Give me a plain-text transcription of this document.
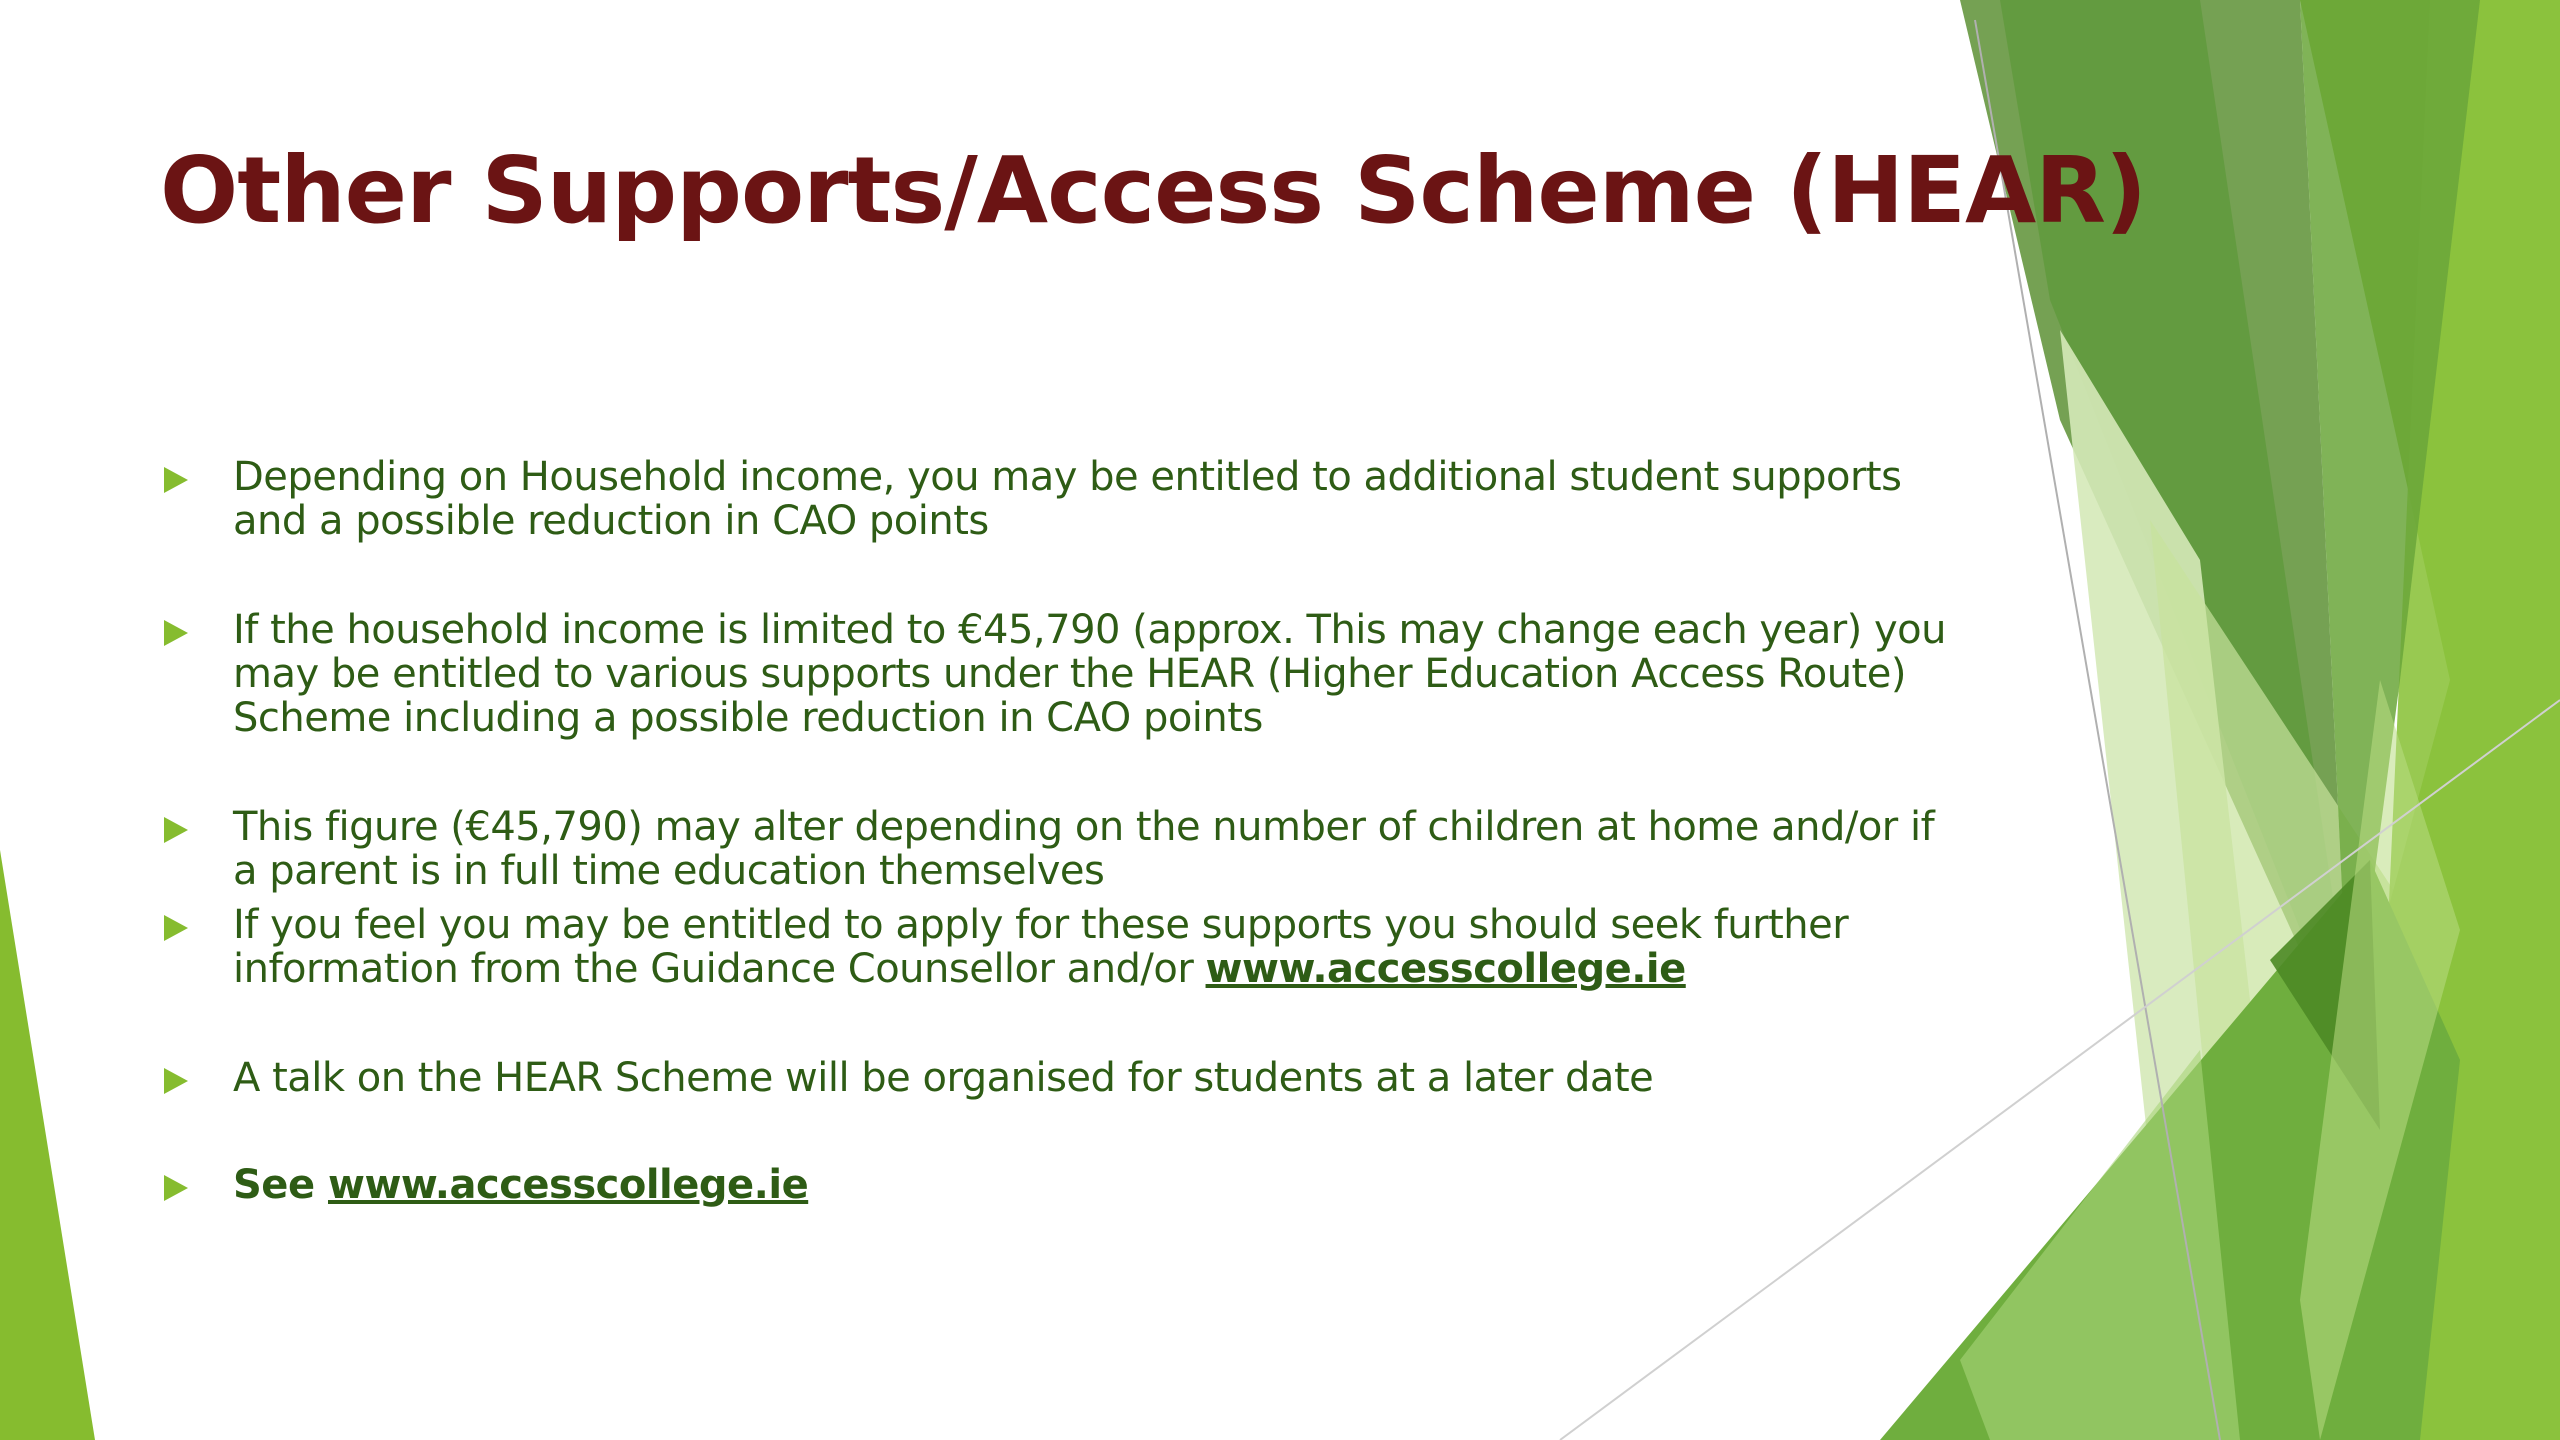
Other Supports/Access Scheme (HEAR)
Depending on Household income, you may be entitled to additional student supports and a possible reduction in CAO points
If the household income is limited to €45,790 (approx. This may change each year) you may be entitled to various supports under the HEAR (Higher Education Access Route) Scheme including a possible reduction in CAO points
This figure (€45,790) may alter depending on the number of children at home and/or if a parent is in full time education themselves
If you feel you may be entitled to apply for these supports you should seek further information from the Guidance Counsellor and/or www.accesscollege.ie
A talk on the HEAR Scheme will be organised for students at a later date
See www.accesscollege.ie
